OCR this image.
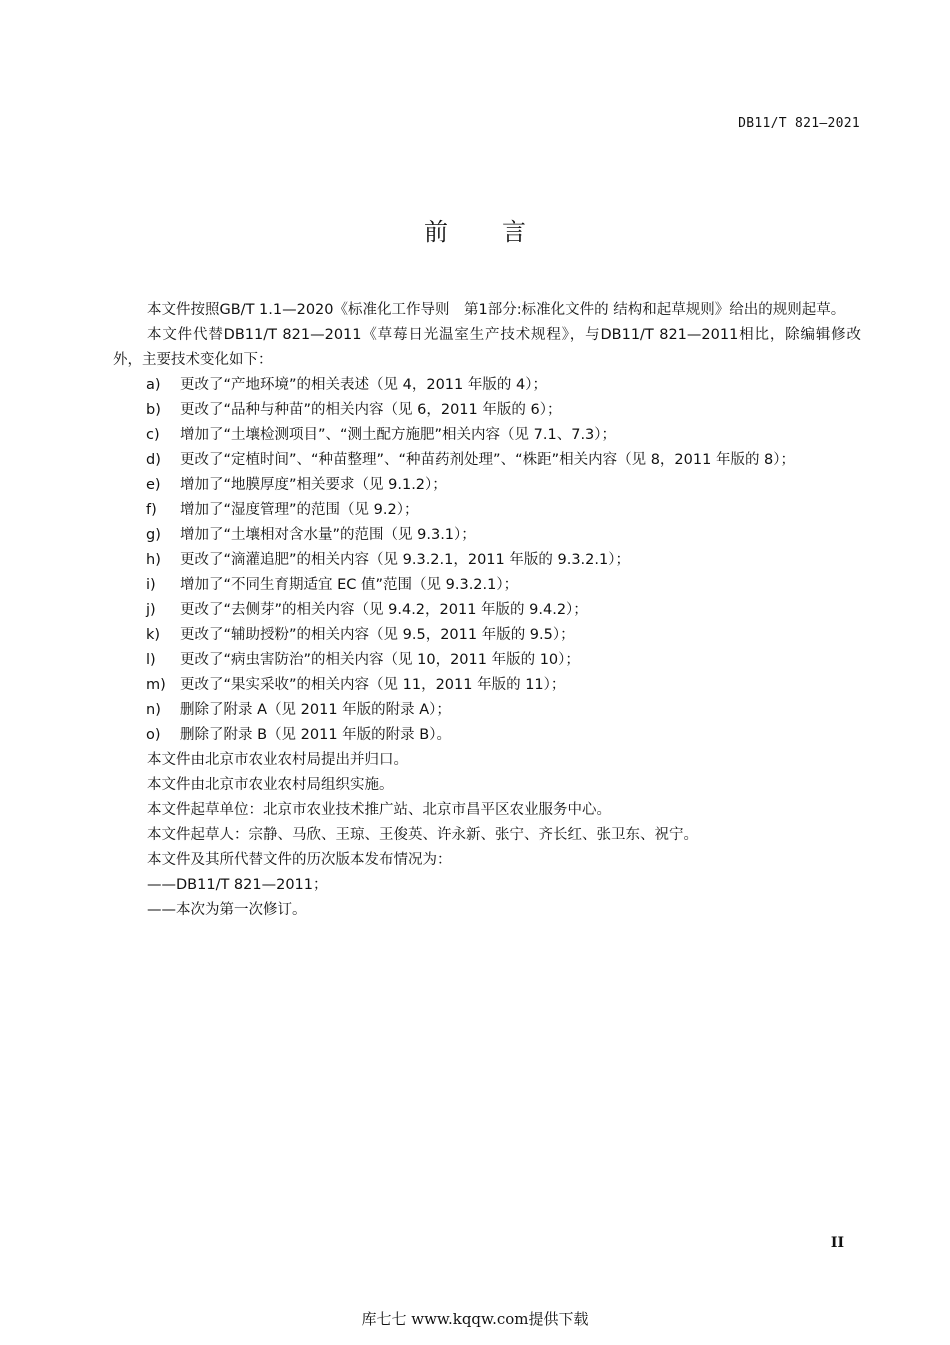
DB11/T 821—2021
前言

本文件按照GB/T 1.1—2020《标准化工作导则　第1部分:标准化文件的 结构和起草规则》给出的规则起草。

本文件代替DB11/T 821—2011《草莓日光温室生产技术规程》，与DB11/T 821—2011相比，除编辑修改外，主要技术变化如下：

a)	更改了“产地环境”的相关表述（见 4，2011 年版的 4）；
b)	更改了“品种与种苗”的相关内容（见 6，2011 年版的 6）；
c)	增加了“土壤检测项目”、“测土配方施肥”相关内容（见 7.1、7.3）；
d)	更改了“定植时间”、“种苗整理”、“种苗药剂处理”、“株距”相关内容（见 8，2011 年版的 8）；
e)	增加了“地膜厚度”相关要求（见 9.1.2）；
f)	增加了“湿度管理”的范围（见 9.2）；
g)	增加了“土壤相对含水量”的范围（见 9.3.1）；
h)	更改了“滴灌追肥”的相关内容（见 9.3.2.1，2011 年版的 9.3.2.1）；
i)	增加了“不同生育期适宜 EC 值”范围（见 9.3.2.1）；
j)	更改了“去侧芽”的相关内容（见 9.4.2，2011 年版的 9.4.2）；
k)	更改了“辅助授粉”的相关内容（见 9.5，2011 年版的 9.5）；
l)	更改了“病虫害防治”的相关内容（见 10，2011 年版的 10）；
m) 更改了“果实采收”的相关内容（见 11，2011 年版的 11）；
n)	删除了附录 A（见 2011 年版的附录 A）；
o)	删除了附录 B（见 2011 年版的附录 B）。

本文件由北京市农业农村局提出并归口。

本文件由北京市农业农村局组织实施。

本文件起草单位：北京市农业技术推广站、北京市昌平区农业服务中心。

本文件起草人：宗静、马欣、王琼、王俊英、许永新、张宁、齐长红、张卫东、祝宁。

本文件及其所代替文件的历次版本发布情况为：

——DB11/T 821—2011；

——本次为第一次修订。

II
库七七 www.kqqw.com提供下载
